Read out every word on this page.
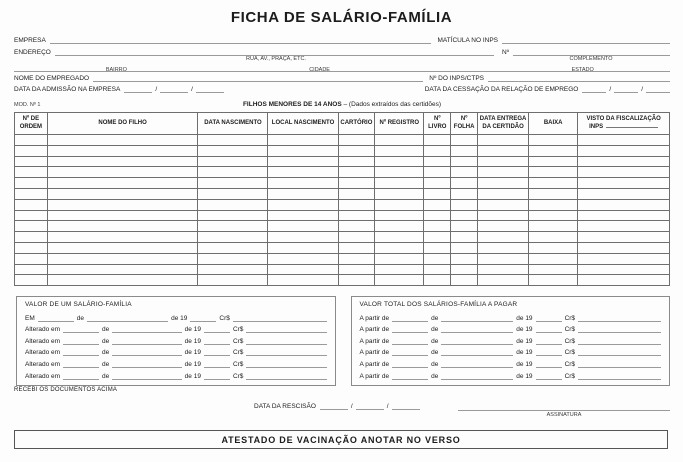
FICHA DE SALÁRIO-FAMÍLIA
EMPRESA	MATÍCULA NO INPS
ENDEREÇO
RUA, AV., PRAÇA, ETC.
Nº
COMPLEMENTO
BAIRRO	CIDADE	ESTADO
NOME DO EMPREGADO	Nº DO INPS/CTPS
DATA DA ADMISSÃO NA EMPRESA	/	/	DATA DA CESSAÇÃO DA RELAÇÃO DE EMPREGO	/	/
MOD. Nº 1	FILHOS MENORES DE 14 ANOS – (Dados extraídos das certidões)
Nº DE ORDEM	NOME DO FILHO	DATA NASCIMENTO	LOCAL NASCIMENTO	CARTÓRIO	Nº REGISTRO	Nº LIVRO	Nº FOLHA	DATA ENTREGA DA CERTIDÃO	BAIXA	VISTO DA FISCALIZAÇÃO
INPS

VALOR DE UM SALÁRIO-FAMÍLIA
EM	de	de 19	Cr$
Alterado em	de	de 19	Cr$
Alterado em	de	de 19	Cr$
Alterado em	de	de 19	Cr$
Alterado em	de	de 19	Cr$
Alterado em	de	de 19	Cr$
VALOR TOTAL DOS SALÁRIOS-FAMÍLIA A PAGAR
A partir de	de	de 19	Cr$
A partir de	de	de 19	Cr$
A partir de	de	de 19	Cr$
A partir de	de	de 19	Cr$
A partir de	de	de 19	Cr$
A partir de	de	de 19	Cr$
RECEBI OS DOCUMENTOS ACIMA
DATA DA RESCISÃO	/	/
ASSINATURA
ATESTADO DE VACINAÇÃO ANOTAR NO VERSO
